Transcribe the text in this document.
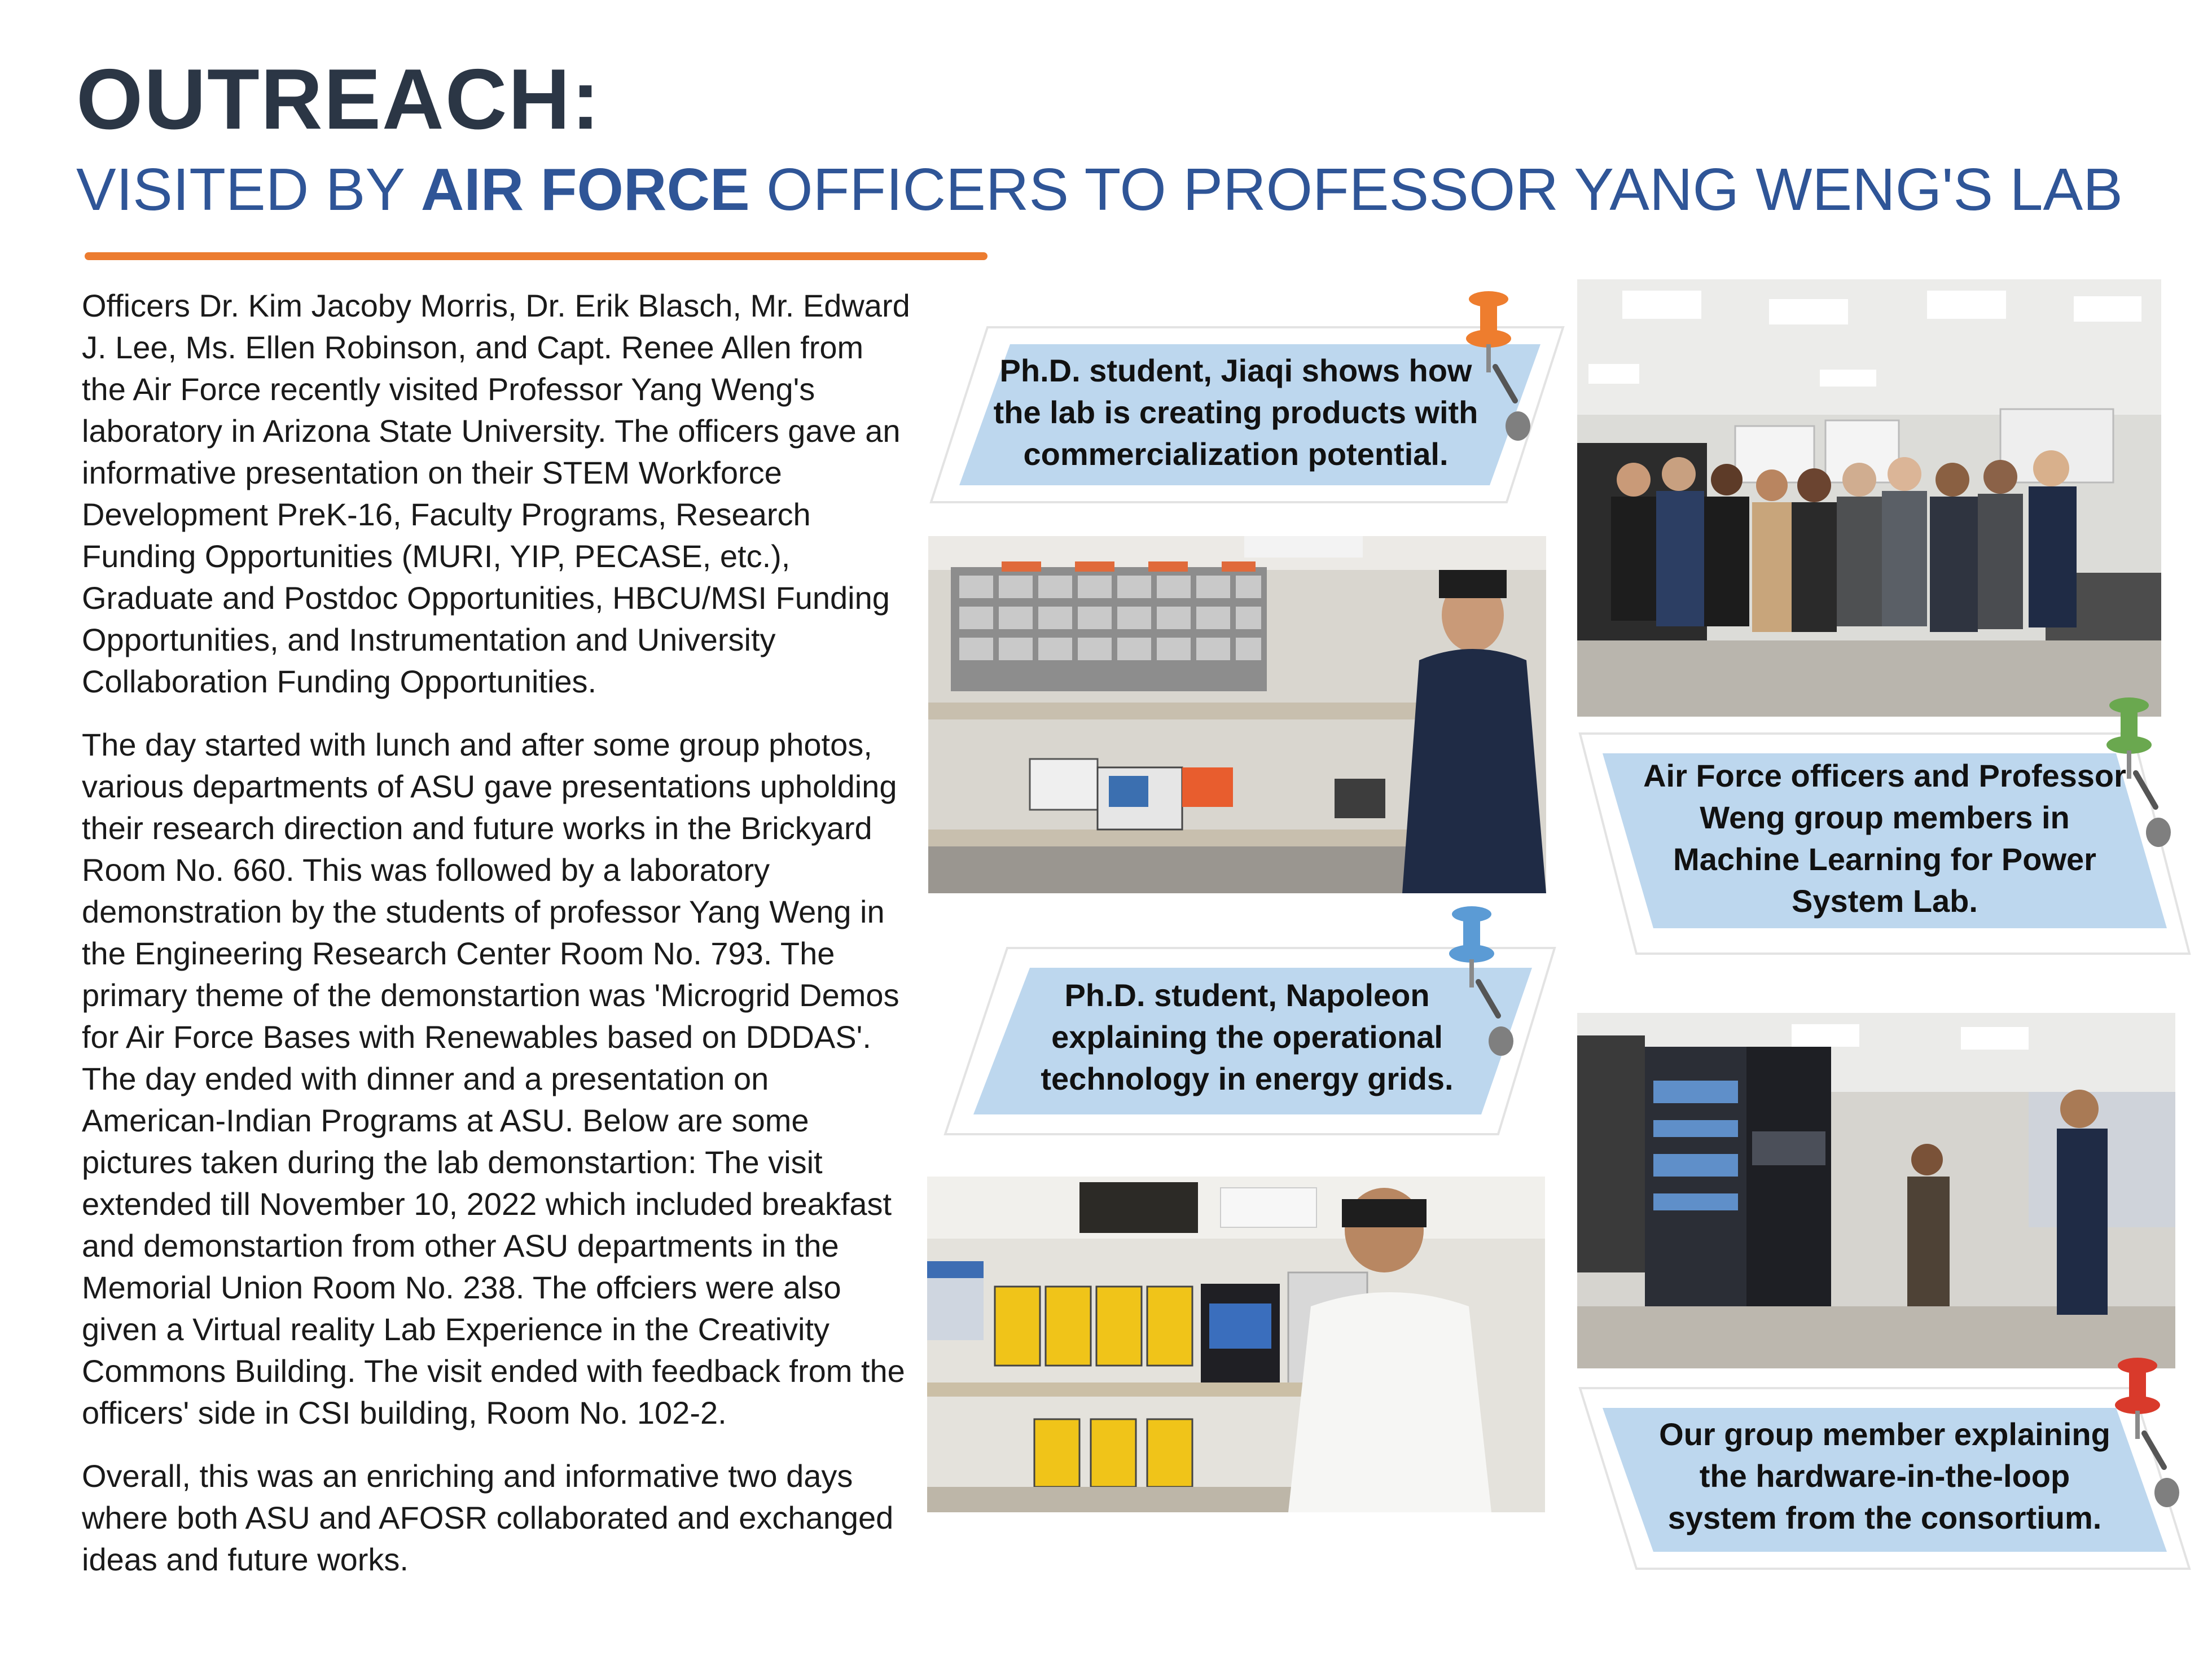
OUTREACH:
VISITED BY AIR FORCE OFFICERS TO PROFESSOR YANG WENG'S LAB

Officers Dr. Kim Jacoby Morris, Dr. Erik Blasch, Mr. Edward J. Lee, Ms. Ellen Robinson, and Capt. Renee Allen from the Air Force recently visited Professor Yang Weng's laboratory in Arizona State University. The officers gave an informative presentation on their STEM Workforce Development PreK-16, Faculty Programs, Research Funding Opportunities (MURI, YIP, PECASE, etc.), Graduate and Postdoc Opportunities, HBCU/MSI Funding Opportunities, and Instrumentation and University Collaboration Funding Opportunities.

The day started with lunch and after some group photos, various departments of ASU gave presentations upholding their research direction and future works in the Brickyard Room No. 660. This was followed by a laboratory demonstration by the students of professor Yang Weng in the Engineering Research Center Room No. 793. The primary theme of the demonstartion was 'Microgrid Demos for Air Force Bases with Renewables based on DDDAS'. The day ended with dinner and a presentation on American-Indian Programs at ASU. Below are some pictures taken during the lab demonstartion: The visit extended till November 10, 2022 which included breakfast and demonstartion from other ASU departments in the Memorial Union Room No. 238. The offciers were also given a Virtual reality Lab Experience in the Creativity Commons Building. The visit ended with feedback from the officers' side in CSI building, Room No. 102-2.

Overall, this was an enriching and informative two days where both ASU and AFOSR collaborated and exchanged ideas and future works.

Ph.D. student, Jiaqi shows how
the lab is creating products with
commercialization potential.
Air Force officers and Professor
Weng group members in
Machine Learning for Power
System Lab.
Ph.D. student, Napoleon
explaining the operational
technology in energy grids.
Our group member explaining
the hardware-in-the-loop
system from the consortium.
